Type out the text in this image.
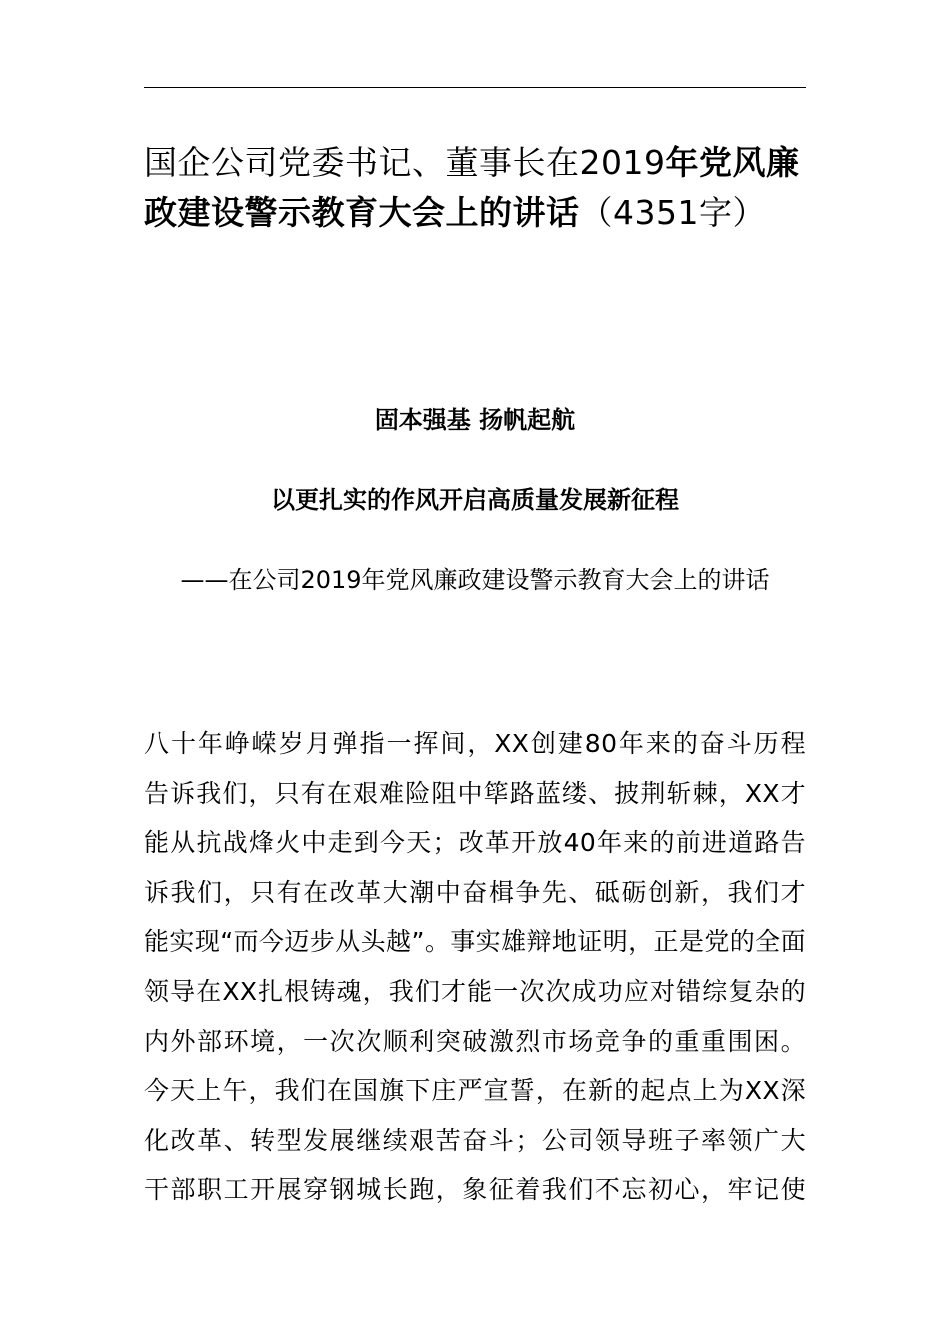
国企公司党委书记、董事长在2019年党风廉政建设警示教育大会上的讲话（4351字）
固本强基 扬帆起航
以更扎实的作风开启高质量发展新征程

——在公司2019年党风廉政建设警示教育大会上的讲话

八十年峥嵘岁月弹指一挥间，XX创建80年来的奋斗历程
告诉我们，只有在艰难险阻中筚路蓝缕、披荆斩棘，XX才
能从抗战烽火中走到今天；改革开放40年来的前进道路告
诉我们，只有在改革大潮中奋楫争先、砥砺创新，我们才
能实现“而今迈步从头越”。事实雄辩地证明，正是党的全面
领导在XX扎根铸魂，我们才能一次次成功应对错综复杂的
内外部环境，一次次顺利突破激烈市场竞争的重重围困。
今天上午，我们在国旗下庄严宣誓，在新的起点上为XX深
化改革、转型发展继续艰苦奋斗；公司领导班子率领广大
干部职工开展穿钢城长跑，象征着我们不忘初心，牢记使
